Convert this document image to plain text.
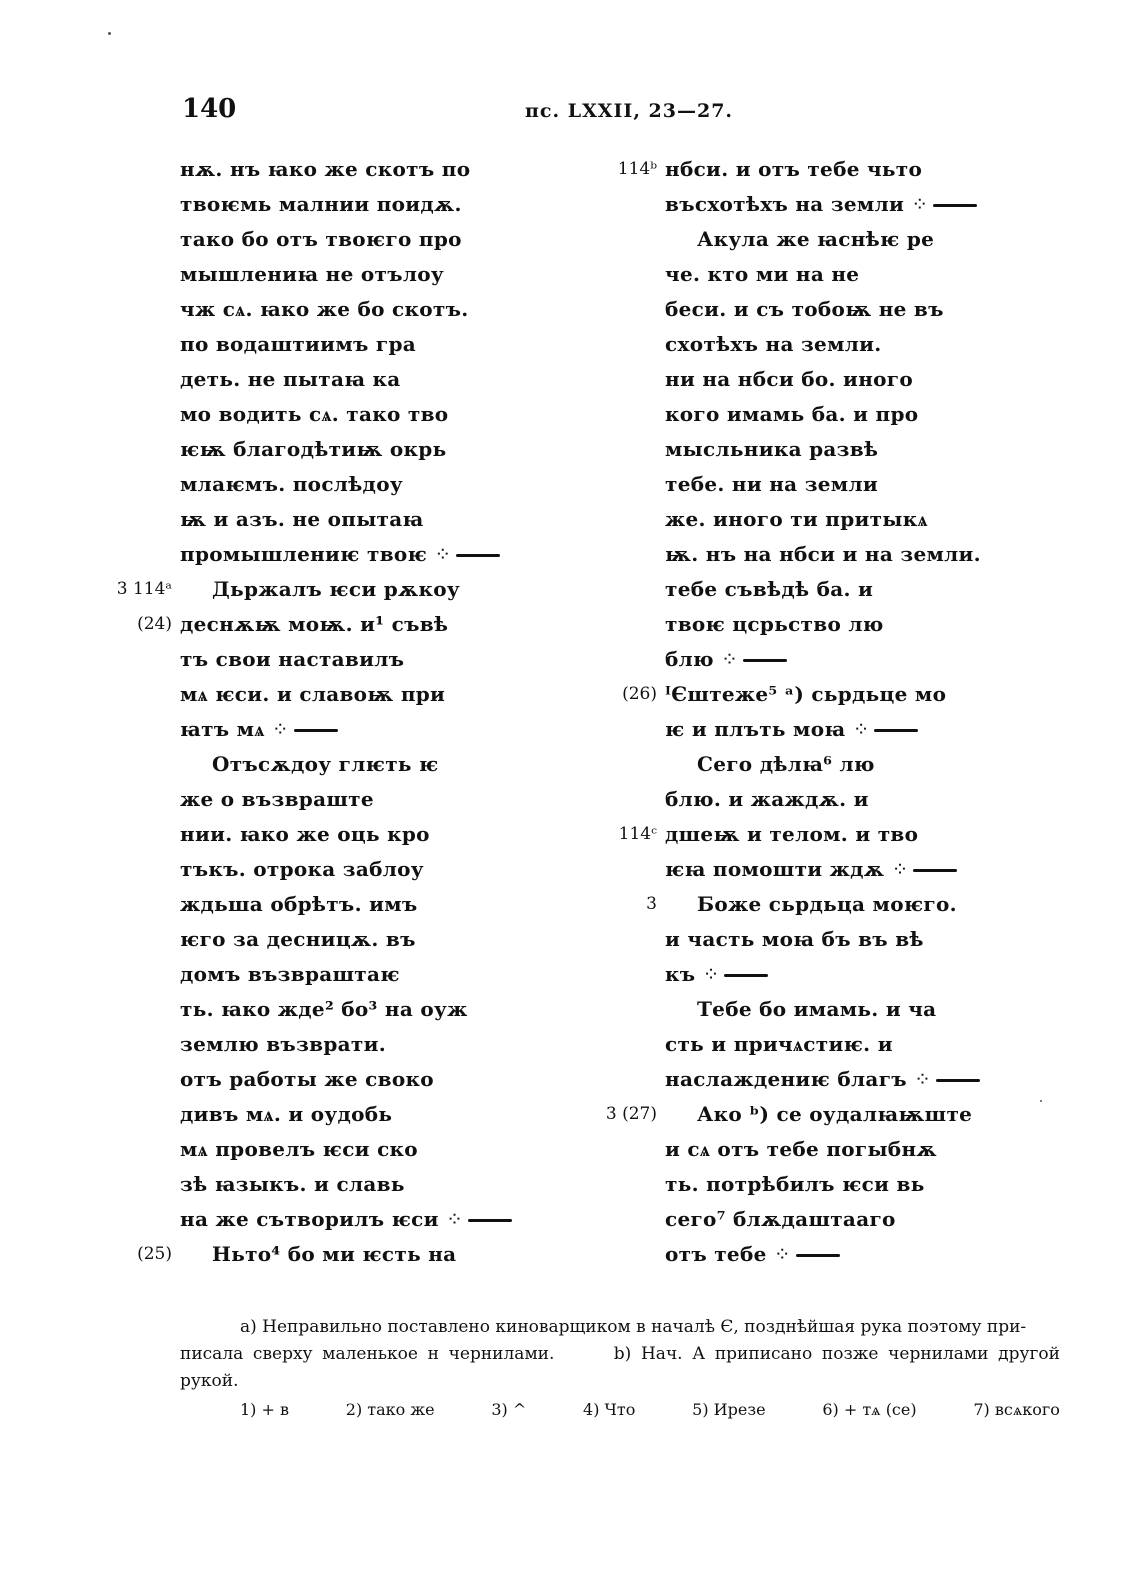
140	пс. LXXII, 23—27.
нѫ. нъ ꙗко же скотъ по
твоѥмь малнии поидѫ.
тако бо отъ твоѥго про
мышлениꙗ не отълоу
чж сѧ. ꙗко же бо скотъ.
по водаштиимъ гра
деть. не пытаꙗ ка
мо водить сѧ. тако тво
ѥѭ благодѣтиѭ окрь
млаѥмъ. послѣдоу
ѭ и азъ. не опытаꙗ
промышлениѥ твоѥ ⁘
3 114ᵃ Дьржалъ ѥси рѫкоу
(24) деснѫѭ моѭ. и¹ съвѣ
тъ свои наставилъ
мѧ ѥси. и славоѭ при
ꙗтъ мѧ ⁘
Отъсѫдоу глѥть ѥ
же о възвраште
нии. ꙗко же оць кро
тъкъ. отрока заблоу
ждьша обрѣтъ. имъ
ѥго за десницѫ. въ
домъ възвраштаѥ
ть. ꙗко жде² бо³ на оуж
землю възврати.
отъ работы же своко
дивъ мѧ. и оудобь
мѧ провелъ ѥси ско
зѣ ꙗзыкъ. и славь
на же сътворилъ ѥси ⁘
(25) Ньто⁴ бо ми ѥсть на
114ᵇ нбси. и отъ тебе чьто
въсхотѣхъ на земли ⁘
Акула же ꙗснѣѥ ре
че. кто ми на не
беси. и съ тобоѭ не въ
схотѣхъ на земли.
ни на нбси бо. иного
кого имамь ба. и про
мысльника развѣ
тебе. ни на земли
же. иного ти притыкѧ
ѭ. нъ на нбси и на земли.
тебе съвѣдѣ ба. и
твоѥ цсрьство лю
блю ⁘
(26) ᴵЄштеже⁵ ᵃ) сьрдьце мо
ѥ и плъть моꙗ ⁘
Сего дѣлꙗ⁶ лю
блю. и жаждѫ. и
114ᶜ дшеѭ и телом. и тво
ѥꙗ помошти ждѫ ⁘
3 Боже сьрдьца моѥго.
и часть моꙗ бъ въ вѣ
къ ⁘
Тебе бо имамь. и ча
сть и причѧстиѥ. и
наслаждениѥ благъ ⁘
3 (27) Ако ᵇ) се оудалꙗѭште
и сѧ отъ тебе погыбнѫ
ть. потрѣбилъ ѥси вь
сего⁷ блѫдаштааго
отъ тебе ⁘
а) Неправильно поставлено киноварщиком в началѣ Є, позднѣйшая рука поэтому при-
писала сверху маленькое н чернилами.	b) Нач. А приписано позже чернилами другой рукой.
1) + в	2) тако же	3) ^	4) Что	5) Ирезе	6) + тѧ (се)	7) всѧкого
